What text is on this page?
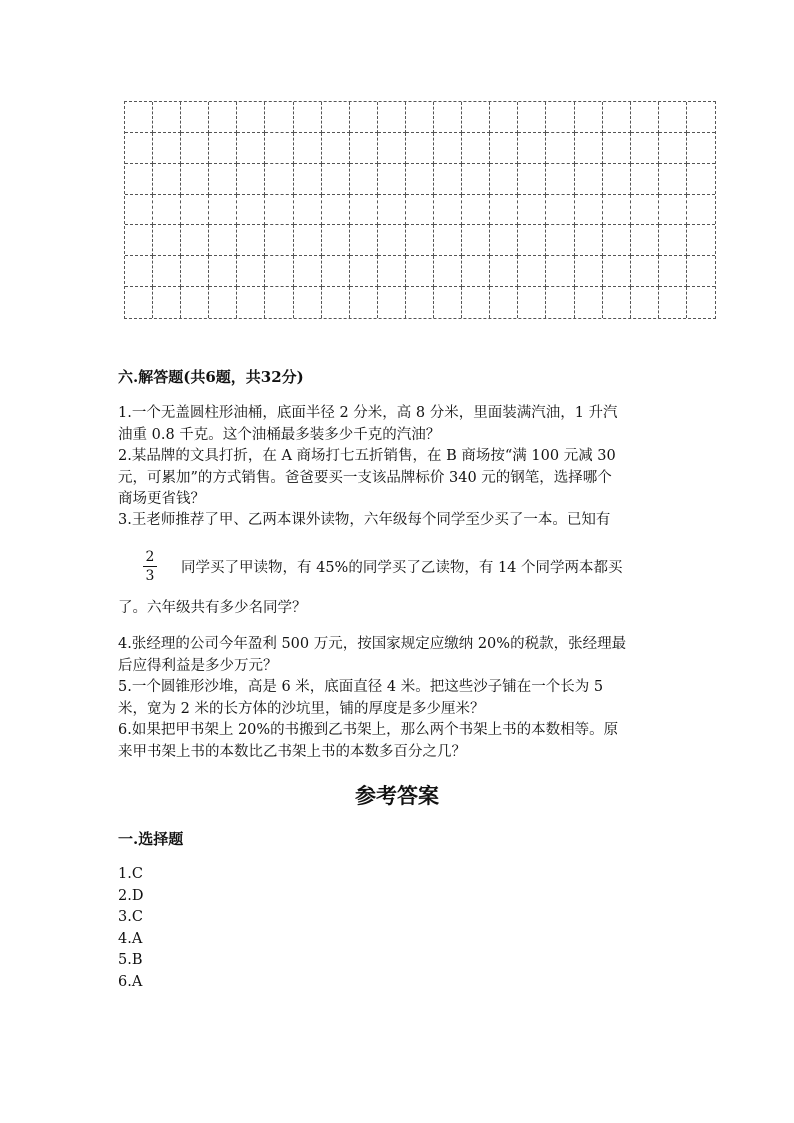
六.解答题(共6题，共32分)
1.一个无盖圆柱形油桶，底面半径 2 分米，高 8 分米，里面装满汽油，1 升汽
油重 0.8 千克。这个油桶最多装多少千克的汽油？
2.某品牌的文具打折，在 A 商场打七五折销售，在 B 商场按“满 100 元减 30
元，可累加”的方式销售。爸爸要买一支该品牌标价 340 元的钢笔，选择哪个
商场更省钱？
3.王老师推荐了甲、乙两本课外读物，六年级每个同学至少买了一本。已知有
$\frac{2}{3}$ 同学买了甲读物，有 45%的同学买了乙读物，有 14 个同学两本都买
了。六年级共有多少名同学？
4.张经理的公司今年盈利 500 万元，按国家规定应缴纳 20%的税款，张经理最
后应得利益是多少万元？
5.一个圆锥形沙堆，高是 6 米，底面直径 4 米。把这些沙子铺在一个长为 5
米，宽为 2 米的长方体的沙坑里，铺的厚度是多少厘米？
6.如果把甲书架上 20%的书搬到乙书架上，那么两个书架上书的本数相等。原
来甲书架上书的本数比乙书架上书的本数多百分之几？
参考答案
一.选择题
1.C
2.D
3.C
4.A
5.B
6.A
